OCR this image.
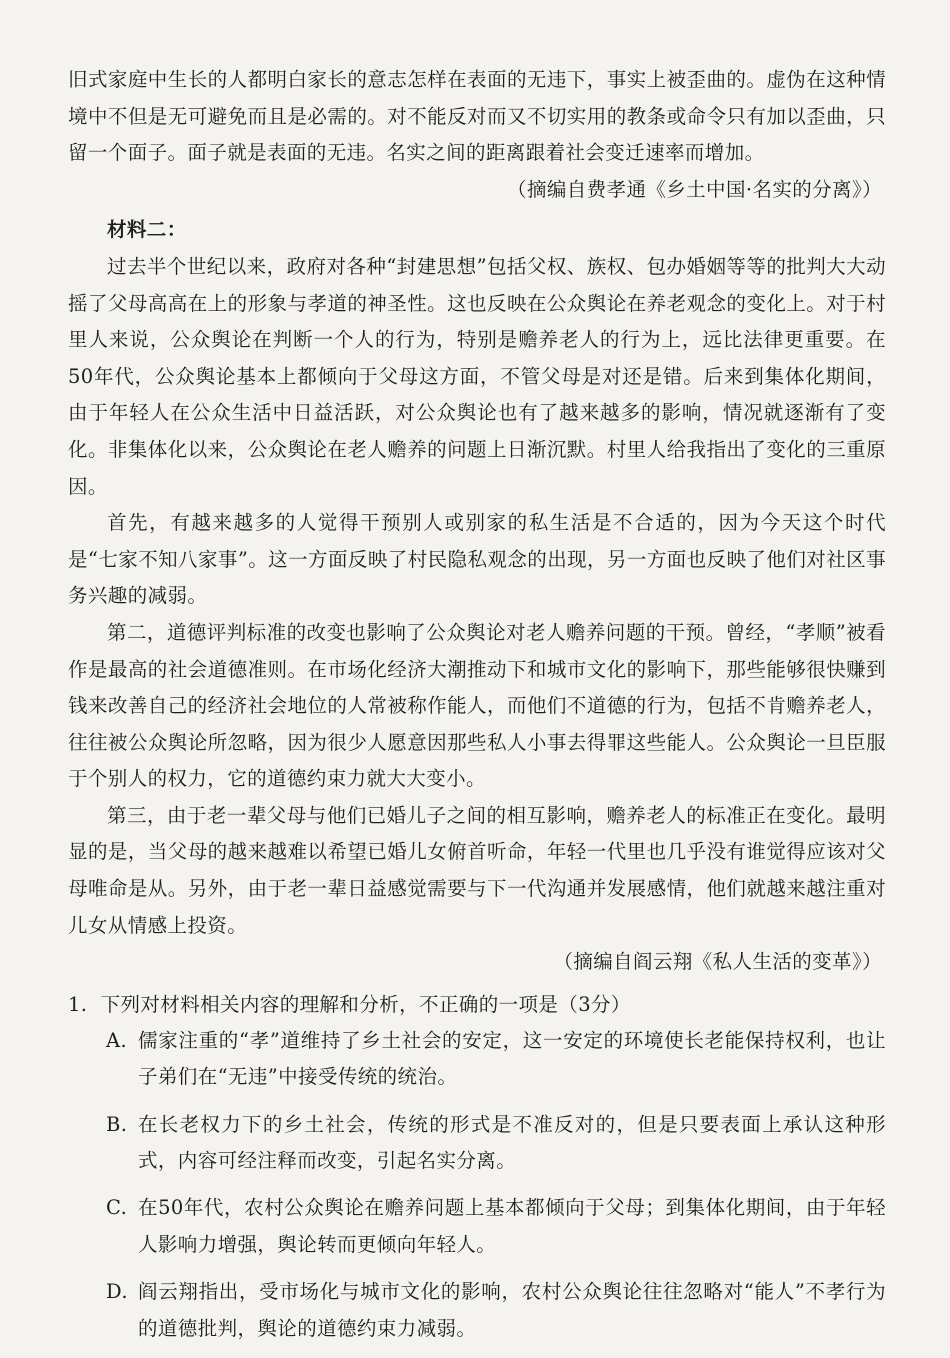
旧式家庭中生长的人都明白家长的意志怎样在表面的无违下，事实上被歪曲的。虚伪在这种情境中不但是无可避免而且是必需的。对不能反对而又不切实用的教条或命令只有加以歪曲，只留一个面子。面子就是表面的无违。名实之间的距离跟着社会变迁速率而增加。

（摘编自费孝通《乡土中国·名实的分离》）

材料二：

过去半个世纪以来，政府对各种“封建思想”包括父权、族权、包办婚姻等等的批判大大动摇了父母高高在上的形象与孝道的神圣性。这也反映在公众舆论在养老观念的变化上。对于村里人来说，公众舆论在判断一个人的行为，特别是赡养老人的行为上，远比法律更重要。在50年代，公众舆论基本上都倾向于父母这方面，不管父母是对还是错。后来到集体化期间，由于年轻人在公众生活中日益活跃，对公众舆论也有了越来越多的影响，情况就逐渐有了变化。非集体化以来，公众舆论在老人赡养的问题上日渐沉默。村里人给我指出了变化的三重原因。

首先，有越来越多的人觉得干预别人或别家的私生活是不合适的，因为今天这个时代是“七家不知八家事”。这一方面反映了村民隐私观念的出现，另一方面也反映了他们对社区事务兴趣的减弱。

第二，道德评判标准的改变也影响了公众舆论对老人赡养问题的干预。曾经，“孝顺”被看作是最高的社会道德准则。在市场化经济大潮推动下和城市文化的影响下，那些能够很快赚到钱来改善自己的经济社会地位的人常被称作能人，而他们不道德的行为，包括不肯赡养老人，往往被公众舆论所忽略，因为很少人愿意因那些私人小事去得罪这些能人。公众舆论一旦臣服于个别人的权力，它的道德约束力就大大变小。

第三，由于老一辈父母与他们已婚儿子之间的相互影响，赡养老人的标准正在变化。最明显的是，当父母的越来越难以希望已婚儿女俯首听命，年轻一代里也几乎没有谁觉得应该对父母唯命是从。另外，由于老一辈日益感觉需要与下一代沟通并发展感情，他们就越来越注重对儿女从情感上投资。

（摘编自阎云翔《私人生活的变革》）

1. 下列对材料相关内容的理解和分析，不正确的一项是（3分）

A. 儒家注重的“孝”道维持了乡土社会的安定，这一安定的环境使长老能保持权利，也让子弟们在“无违”中接受传统的统治。

B. 在长老权力下的乡土社会，传统的形式是不准反对的，但是只要表面上承认这种形式，内容可经注释而改变，引起名实分离。

C. 在50年代，农村公众舆论在赡养问题上基本都倾向于父母；到集体化期间，由于年轻人影响力增强，舆论转而更倾向年轻人。

D. 阎云翔指出，受市场化与城市文化的影响，农村公众舆论往往忽略对“能人”不孝行为的道德批判，舆论的道德约束力减弱。
